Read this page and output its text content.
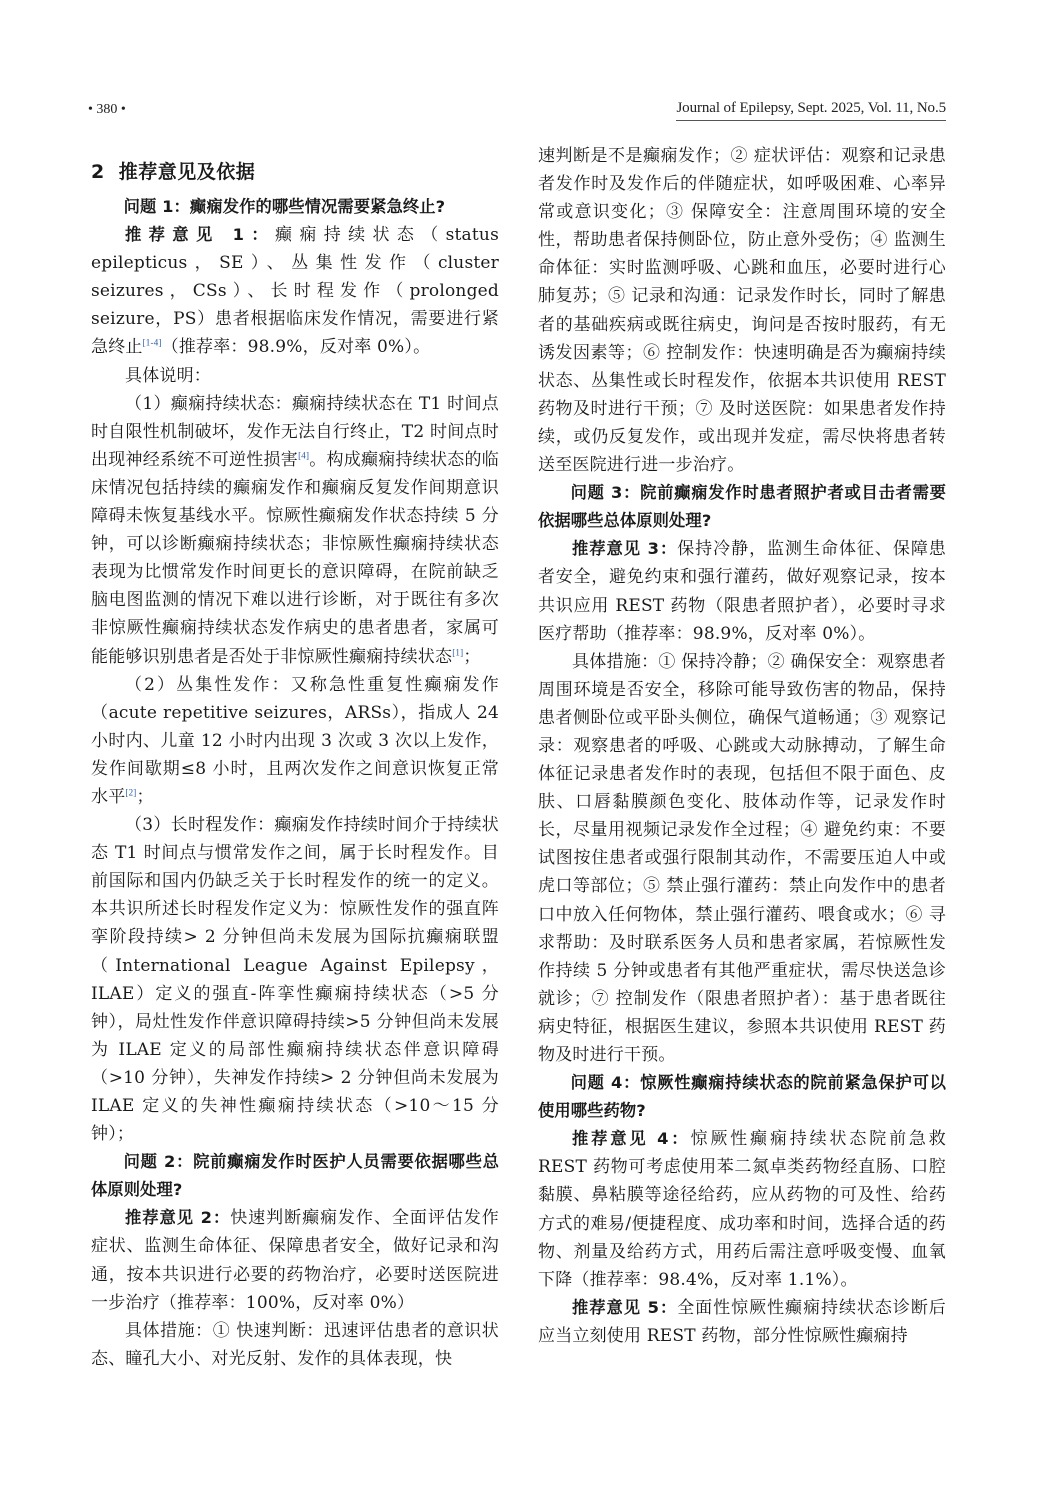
• 380 •	Journal of Epilepsy, Sept. 2025, Vol. 11, No.5

2 推荐意见及依据

问题 1：癫痫发作的哪些情况需要紧急终止?

推荐意见 1：癫痫持续状态（status epilepticus，SE）、丛集性发作（cluster seizures，CSs）、长时程发作（prolonged seizure，PS）患者根据临床发作情况，需要进行紧急终止[1-4]（推荐率：98.9%，反对率 0%）。

具体说明：

（1）癫痫持续状态：癫痫持续状态在 T1 时间点时自限性机制破坏，发作无法自行终止，T2 时间点时出现神经系统不可逆性损害[4]。构成癫痫持续状态的临床情况包括持续的癫痫发作和癫痫反复发作间期意识障碍未恢复基线水平。惊厥性癫痫发作状态持续 5 分钟，可以诊断癫痫持续状态；非惊厥性癫痫持续状态表现为比惯常发作时间更长的意识障碍，在院前缺乏脑电图监测的情况下难以进行诊断，对于既往有多次非惊厥性癫痫持续状态发作病史的患者患者，家属可能能够识别患者是否处于非惊厥性癫痫持续状态[1]；

（2）丛集性发作：又称急性重复性癫痫发作（acute repetitive seizures，ARSs），指成人 24 小时内、儿童 12 小时内出现 3 次或 3 次以上发作，发作间歇期≤8 小时，且两次发作之间意识恢复正常水平[2]；

（3）长时程发作：癫痫发作持续时间介于持续状态 T1 时间点与惯常发作之间，属于长时程发作。目前国际和国内仍缺乏关于长时程发作的统一的定义。本共识所述长时程发作定义为：惊厥性发作的强直阵挛阶段持续> 2 分钟但尚未发展为国际抗癫痫联盟（International League Against Epilepsy，ILAE）定义的强直-阵挛性癫痫持续状态（>5 分钟），局灶性发作伴意识障碍持续>5 分钟但尚未发展为 ILAE 定义的局部性癫痫持续状态伴意识障碍（>10 分钟），失神发作持续> 2 分钟但尚未发展为 ILAE 定义的失神性癫痫持续状态（>10～15 分钟）；

问题 2：院前癫痫发作时医护人员需要依据哪些总体原则处理?

推荐意见 2：快速判断癫痫发作、全面评估发作症状、监测生命体征、保障患者安全，做好记录和沟通，按本共识进行必要的药物治疗，必要时送医院进一步治疗（推荐率：100%，反对率 0%）

具体措施：① 快速判断：迅速评估患者的意识状态、瞳孔大小、对光反射、发作的具体表现，快

速判断是不是癫痫发作；② 症状评估：观察和记录患者发作时及发作后的伴随症状，如呼吸困难、心率异常或意识变化；③ 保障安全：注意周围环境的安全性，帮助患者保持侧卧位，防止意外受伤；④ 监测生命体征：实时监测呼吸、心跳和血压，必要时进行心肺复苏；⑤ 记录和沟通：记录发作时长，同时了解患者的基础疾病或既往病史，询问是否按时服药，有无诱发因素等；⑥ 控制发作：快速明确是否为癫痫持续状态、丛集性或长时程发作，依据本共识使用 REST 药物及时进行干预；⑦ 及时送医院：如果患者发作持续，或仍反复发作，或出现并发症，需尽快将患者转送至医院进行进一步治疗。

问题 3：院前癫痫发作时患者照护者或目击者需要依据哪些总体原则处理?

推荐意见 3：保持冷静，监测生命体征、保障患者安全，避免约束和强行灌药，做好观察记录，按本共识应用 REST 药物（限患者照护者），必要时寻求医疗帮助（推荐率：98.9%，反对率 0%）。

具体措施：① 保持冷静；② 确保安全：观察患者周围环境是否安全，移除可能导致伤害的物品，保持患者侧卧位或平卧头侧位，确保气道畅通；③ 观察记录：观察患者的呼吸、心跳或大动脉搏动，了解生命体征记录患者发作时的表现，包括但不限于面色、皮肤、口唇黏膜颜色变化、肢体动作等，记录发作时长，尽量用视频记录发作全过程；④ 避免约束：不要试图按住患者或强行限制其动作，不需要压迫人中或虎口等部位；⑤ 禁止强行灌药：禁止向发作中的患者口中放入任何物体，禁止强行灌药、喂食或水；⑥ 寻求帮助：及时联系医务人员和患者家属，若惊厥性发作持续 5 分钟或患者有其他严重症状，需尽快送急诊就诊；⑦ 控制发作（限患者照护者）：基于患者既往病史特征，根据医生建议，参照本共识使用 REST 药物及时进行干预。

问题 4：惊厥性癫痫持续状态的院前紧急保护可以使用哪些药物?

推荐意见 4：惊厥性癫痫持续状态院前急救 REST 药物可考虑使用苯二氮卓类药物经直肠、口腔黏膜、鼻粘膜等途径给药，应从药物的可及性、给药方式的难易/便捷程度、成功率和时间，选择合适的药物、剂量及给药方式，用药后需注意呼吸变慢、血氧下降（推荐率：98.4%，反对率 1.1%）。

推荐意见 5：全面性惊厥性癫痫持续状态诊断后应当立刻使用 REST 药物，部分性惊厥性癫痫持
